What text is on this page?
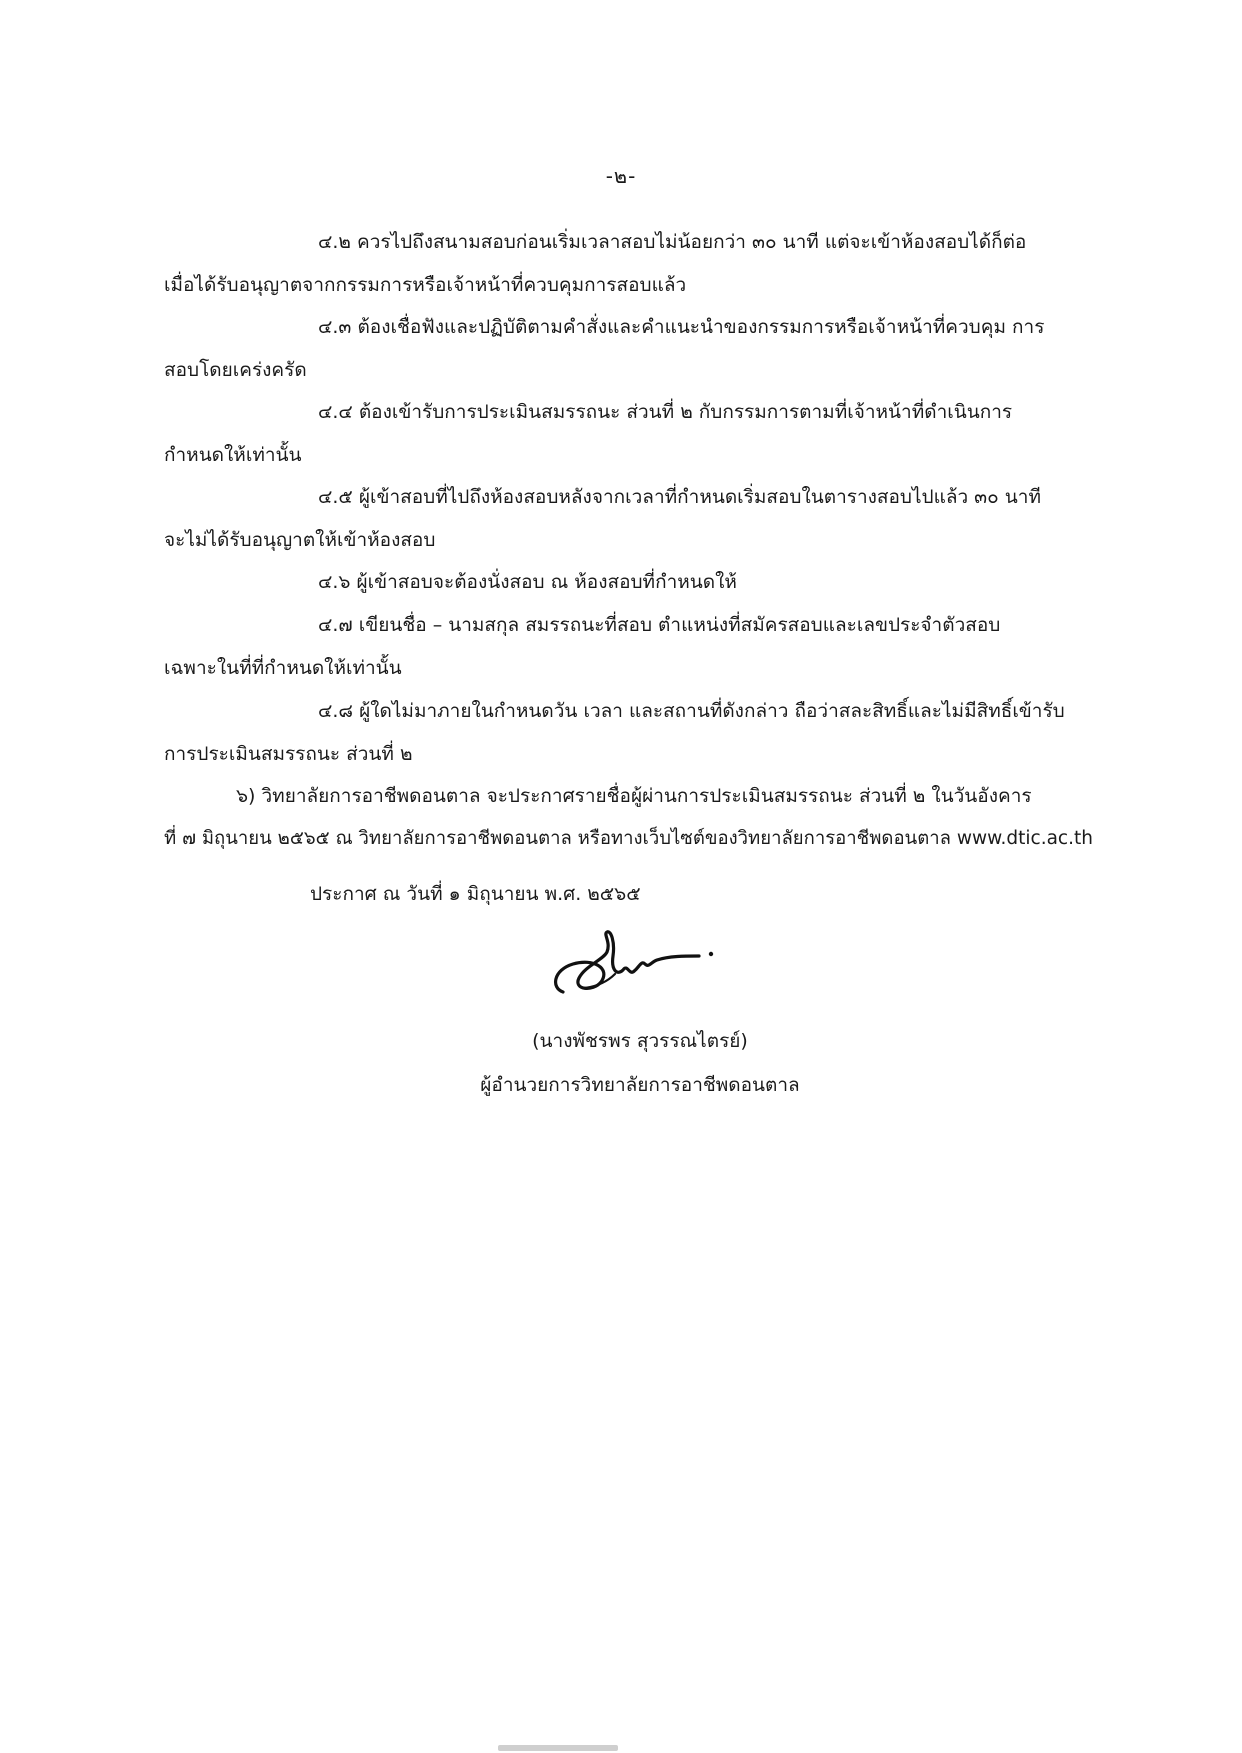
-๒-
๔.๒ ควรไปถึงสนามสอบก่อนเริ่มเวลาสอบไม่น้อยกว่า ๓๐ นาที แต่จะเข้าห้องสอบได้ก็ต่อ
เมื่อได้รับอนุญาตจากกรรมการหรือเจ้าหน้าที่ควบคุมการสอบแล้ว
๔.๓ ต้องเชื่อฟังและปฏิบัติตามคำสั่งและคำแนะนำของกรรมการหรือเจ้าหน้าที่ควบคุม การ
สอบโดยเคร่งครัด
๔.๔ ต้องเข้ารับการประเมินสมรรถนะ ส่วนที่ ๒ กับกรรมการตามที่เจ้าหน้าที่ดำเนินการ
กำหนดให้เท่านั้น
๔.๕ ผู้เข้าสอบที่ไปถึงห้องสอบหลังจากเวลาที่กำหนดเริ่มสอบในตารางสอบไปแล้ว ๓๐ นาที
จะไม่ได้รับอนุญาตให้เข้าห้องสอบ
๔.๖ ผู้เข้าสอบจะต้องนั่งสอบ ณ ห้องสอบที่กำหนดให้
๔.๗ เขียนชื่อ – นามสกุล สมรรถนะที่สอบ ตำแหน่งที่สมัครสอบและเลขประจำตัวสอบ
เฉพาะในที่ที่กำหนดให้เท่านั้น
๔.๘ ผู้ใดไม่มาภายในกำหนดวัน เวลา และสถานที่ดังกล่าว ถือว่าสละสิทธิ์และไม่มีสิทธิ์เข้ารับ
การประเมินสมรรถนะ ส่วนที่ ๒
๖) วิทยาลัยการอาชีพดอนตาล จะประกาศรายชื่อผู้ผ่านการประเมินสมรรถนะ ส่วนที่ ๒ ในวันอังคาร
ที่ ๗ มิถุนายน ๒๕๖๕ ณ วิทยาลัยการอาชีพดอนตาล หรือทางเว็บไซต์ของวิทยาลัยการอาชีพดอนตาล www.dtic.ac.th
ประกาศ ณ วันที่ ๑ มิถุนายน พ.ศ. ๒๕๖๕
(นางพัชรพร สุวรรณไตรย์)
ผู้อำนวยการวิทยาลัยการอาชีพดอนตาล
